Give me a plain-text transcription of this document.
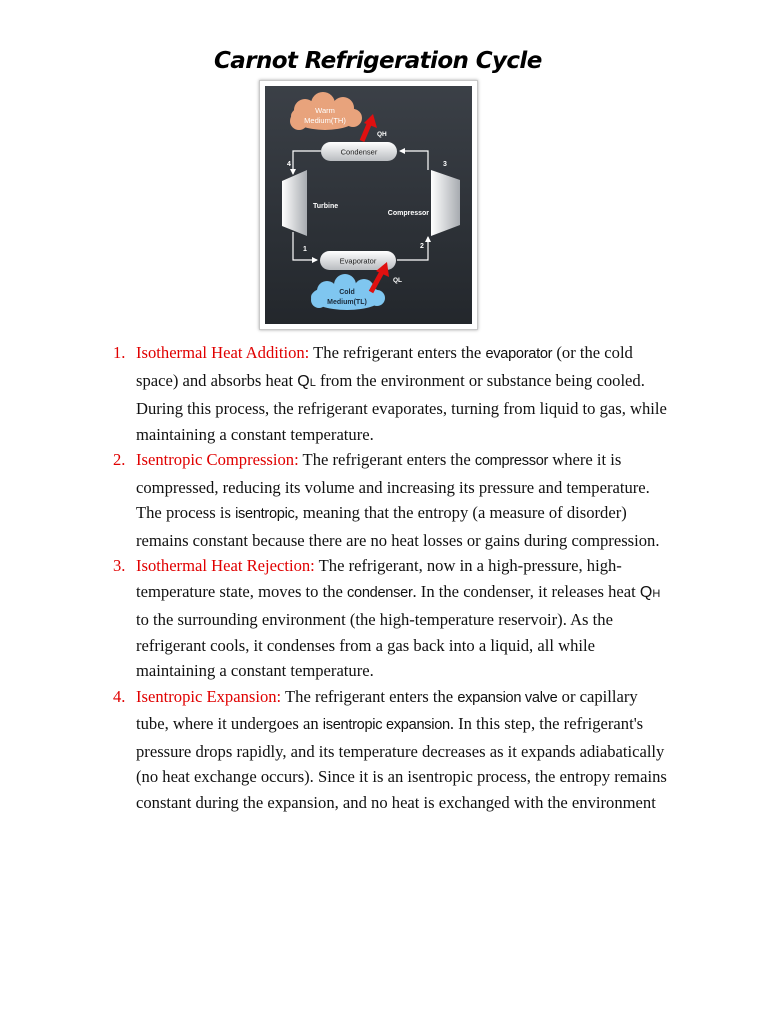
Carnot Refrigeration Cycle
Warm
Medium(TH)
QH
Condenser
4
1	2
3
Turbine
Compressor
Evaporator
Cold
Medium(TL)
QL
1. Isothermal Heat Addition: The refrigerant enters the evaporator (or the cold space) and absorbs heat QL from the environment or substance being cooled. During this process, the refrigerant evaporates, turning from liquid to gas, while maintaining a constant temperature.
2. Isentropic Compression: The refrigerant enters the compressor where it is compressed, reducing its volume and increasing its pressure and temperature. The process is isentropic, meaning that the entropy (a measure of disorder) remains constant because there are no heat losses or gains during compression.
3. Isothermal Heat Rejection: The refrigerant, now in a high-pressure, high-temperature state, moves to the condenser. In the condenser, it releases heat QH to the surrounding environment (the high-temperature reservoir). As the refrigerant cools, it condenses from a gas back into a liquid, all while maintaining a constant temperature.
4. Isentropic Expansion: The refrigerant enters the expansion valve or capillary tube, where it undergoes an isentropic expansion. In this step, the refrigerant's pressure drops rapidly, and its temperature decreases as it expands adiabatically (no heat exchange occurs). Since it is an isentropic process, the entropy remains constant during the expansion, and no heat is exchanged with the environment
